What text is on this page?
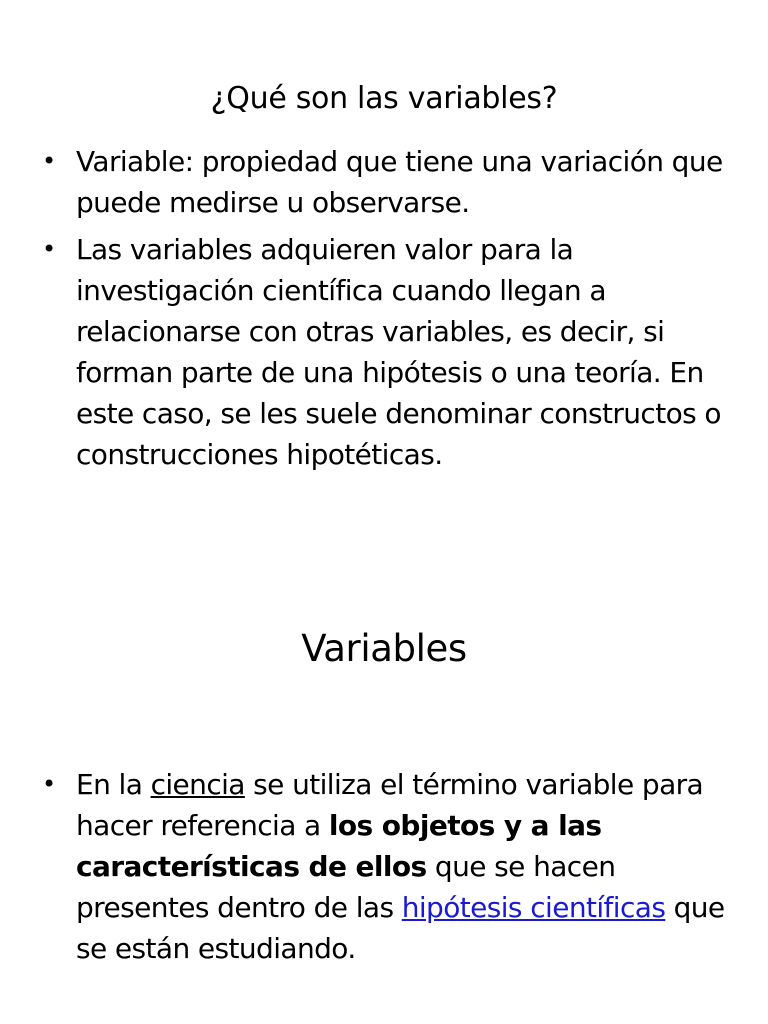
¿Qué son las variables?
• Variable: propiedad que tiene una variación que puede medirse u observarse.
• Las variables adquieren valor para la investigación científica cuando llegan a relacionarse con otras variables, es decir, si forman parte de una hipótesis o una teoría. En este caso, se les suele denominar constructos o construcciones hipotéticas.
Variables
• En la ciencia se utiliza el término variable para hacer referencia a los objetos y a las características de ellos que se hacen presentes dentro de las hipótesis científicas que se están estudiando.
